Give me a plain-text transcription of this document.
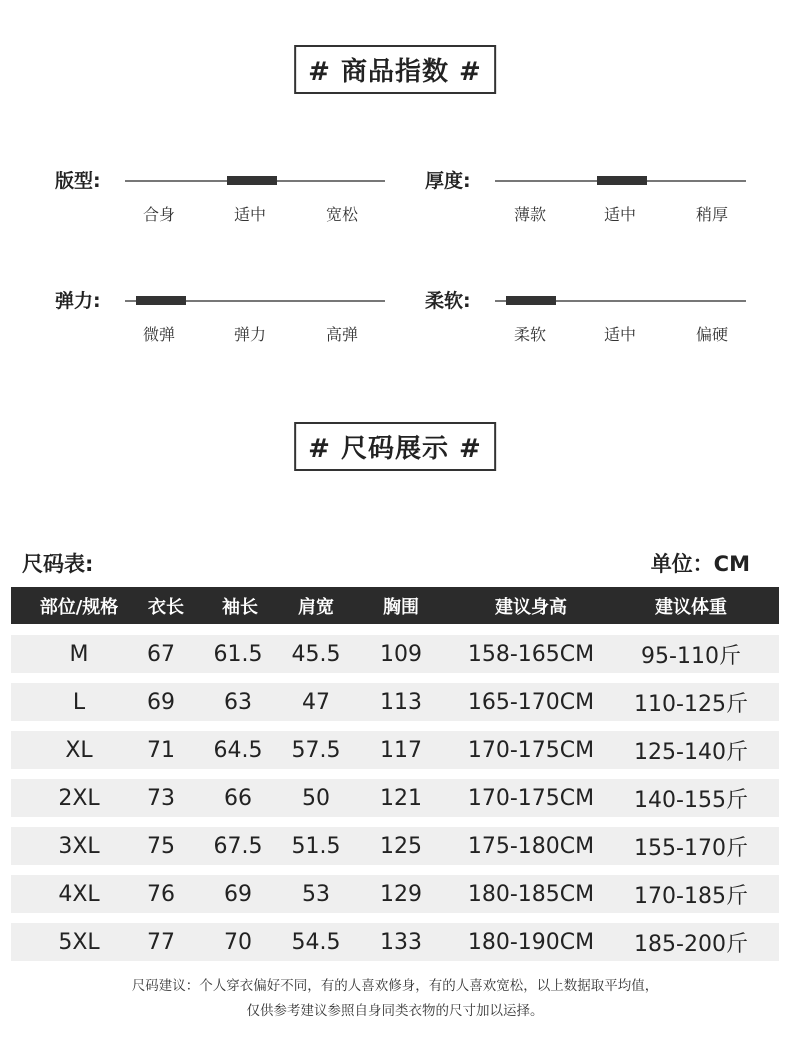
# 商品指数 #
版型:
合身	适中	宽松
厚度:
薄款	适中	稍厚
弹力:
微弹	弹力	高弹
柔软:
柔软	适中	偏硬
# 尺码展示 #
尺码表:	单位：CM
部位/规格 衣长 袖长 肩宽	胸围	建议身高	建议体重
M	67 61.5 45.5 109 158-165CM 95-110斤
L	69 63 47 113 165-170CM 110-125斤
XL 71 64.5 57.5 117 170-175CM 125-140斤
2XL 73 66 50 121 170-175CM 140-155斤
3XL 75 67.5 51.5 125 175-180CM 155-170斤
4XL 76 69 53 129 180-185CM 170-185斤
5XL 77 70 54.5 133 180-190CM 185-200斤
尺码建议：个人穿衣偏好不同，有的人喜欢修身，有的人喜欢宽松，以上数据取平均值，
仅供参考建议参照自身同类衣物的尺寸加以运择。
